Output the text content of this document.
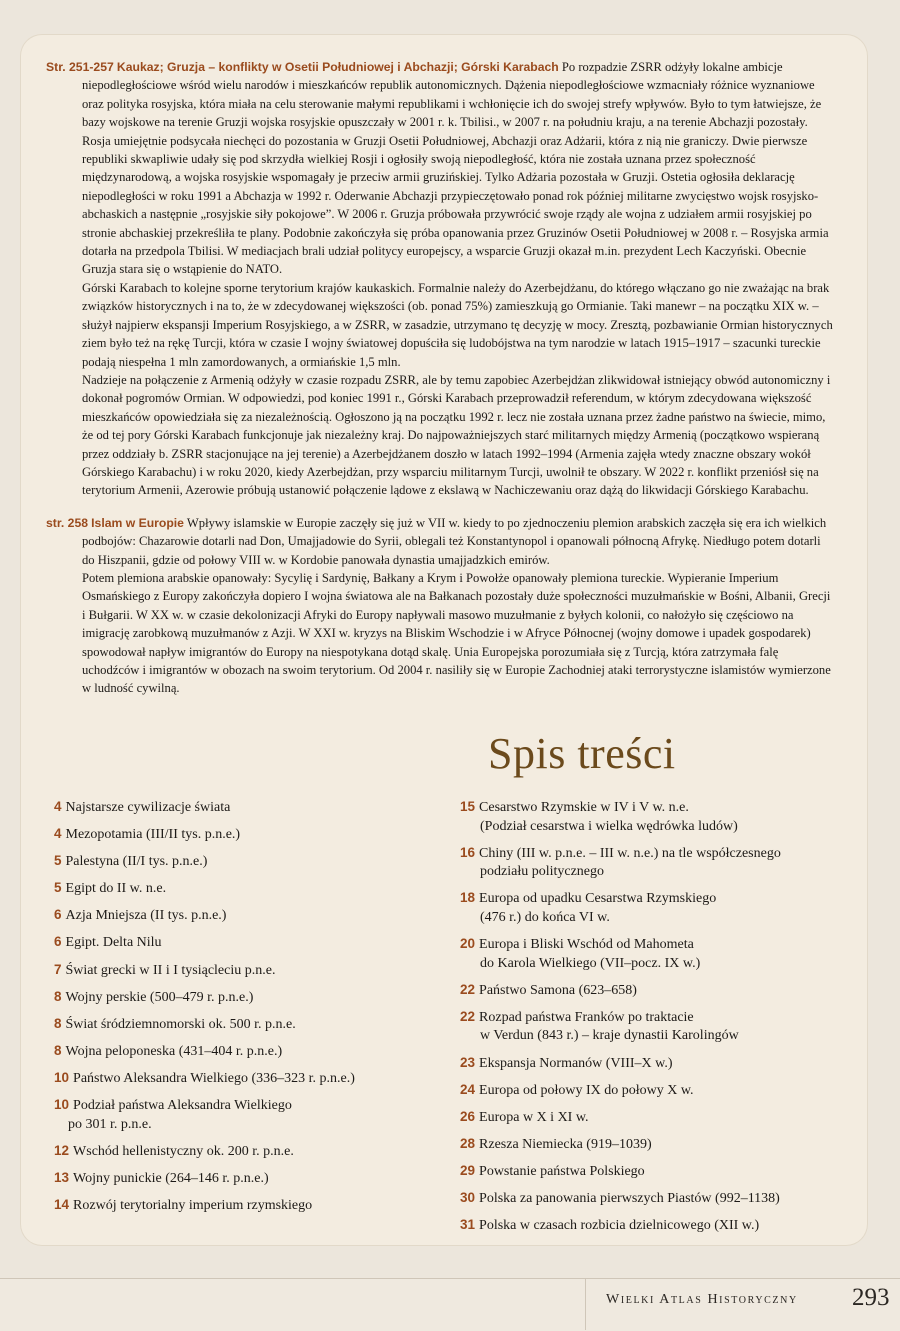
Str. 251-257 Kaukaz; Gruzja – konflikty w Osetii Południowej i Abchazji; Górski Karabach Po rozpadzie ZSRR odżyły lokalne ambicje niepodległościowe wśród wielu narodów i mieszkańców republik autonomicznych. Dążenia niepodległościowe wzmacniały różnice wyznaniowe oraz polityka rosyjska, która miała na celu sterowanie małymi republikami i wchłonięcie ich do swojej strefy wpływów. Było to tym łatwiejsze, że bazy wojskowe na terenie Gruzji wojska rosyjskie opuszczały w 2001 r. k. Tbilisi., w 2007 r. na południu kraju, a na terenie Abchazji pozostały.
Rosja umiejętnie podsycała niechęci do pozostania w Gruzji Osetii Południowej, Abchazji oraz Adżarii, która z nią nie graniczy. Dwie pierwsze republiki skwapliwie udały się pod skrzydła wielkiej Rosji i ogłosiły swoją niepodległość, która nie została uznana przez społeczność międzynarodową, a wojska rosyjskie wspomagały je przeciw armii gruzińskiej. Tylko Adżaria pozostała w Gruzji. Ostetia ogłosiła deklarację niepodległości w roku 1991 a Abchazja w 1992 r. Oderwanie Abchazji przypieczętowało ponad rok później militarne zwycięstwo wojsk rosyjsko-abchaskich a następnie „rosyjskie siły pokojowe”. W 2006 r. Gruzja próbowała przywrócić swoje rządy ale wojna z udziałem armii rosyjskiej po stronie abchaskiej przekreśliła te plany. Podobnie zakończyła się próba opanowania przez Gruzinów Osetii Południowej w 2008 r. – Rosyjska armia dotarła na przedpola Tbilisi. W mediacjach brali udział politycy europejscy, a wsparcie Gruzji okazał m.in. prezydent Lech Kaczyński. Obecnie Gruzja stara się o wstąpienie do NATO.
Górski Karabach to kolejne sporne terytorium krajów kaukaskich. Formalnie należy do Azerbejdżanu, do którego włączano go nie zważając na brak związków historycznych i na to, że w zdecydowanej większości (ob. ponad 75%) zamieszkują go Ormianie. Taki manewr – na początku XIX w. – służył najpierw ekspansji Imperium Rosyjskiego, a w ZSRR, w zasadzie, utrzymano tę decyzję w mocy. Zresztą, pozbawianie Ormian historycznych ziem było też na rękę Turcji, która w czasie I wojny światowej dopuściła się ludobójstwa na tym narodzie w latach 1915–1917 – szacunki tureckie podają niespełna 1 mln zamordowanych, a ormiańskie 1,5 mln.
Nadzieje na połączenie z Armenią odżyły w czasie rozpadu ZSRR, ale by temu zapobiec Azerbejdżan zlikwidował istniejący obwód autonomiczny i dokonał pogromów Ormian. W odpowiedzi, pod koniec 1991 r., Górski Karabach przeprowadził referendum, w którym zdecydowana większość mieszkańców opowiedziała się za niezależnością. Ogłoszono ją na początku 1992 r. lecz nie została uznana przez żadne państwo na świecie, mimo, że od tej pory Górski Karabach funkcjonuje jak niezależny kraj. Do najpoważniejszych starć militarnych między Armenią (początkowo wspieraną przez oddziały b. ZSRR stacjonujące na jej terenie) a Azerbejdżanem doszło w latach 1992–1994 (Armenia zajęła wtedy znaczne obszary wokół Górskiego Karabachu) i w roku 2020, kiedy Azerbejdżan, przy wsparciu militarnym Turcji, uwolnił te obszary. W 2022 r. konflikt przeniósł się na terytorium Armenii, Azerowie próbują ustanowić połączenie lądowe z ekslawą w Nachiczewaniu oraz dążą do likwidacji Górskiego Karabachu.

str. 258 Islam w Europie Wpływy islamskie w Europie zaczęły się już w VII w. kiedy to po zjednoczeniu plemion arabskich zaczęła się era ich wielkich podbojów: Chazarowie dotarli nad Don, Umajjadowie do Syrii, oblegali też Konstantynopol i opanowali północną Afrykę. Niedługo potem dotarli do Hiszpanii, gdzie od połowy VIII w. w Kordobie panowała dynastia umajjadzkich emirów.
Potem plemiona arabskie opanowały: Sycylię i Sardynię, Bałkany a Krym i Powołże opanowały plemiona tureckie. Wypieranie Imperium Osmańskiego z Europy zakończyła dopiero I wojna światowa ale na Bałkanach pozostały duże społeczności muzułmańskie w Bośni, Albanii, Grecji i Bułgarii. W XX w. w czasie dekolonizacji Afryki do Europy napływali masowo muzułmanie z byłych kolonii, co nałożyło się częściowo na imigrację zarobkową muzułmanów z Azji. W XXI w. kryzys na Bliskim Wschodzie i w Afryce Północnej (wojny domowe i upadek gospodarek) spowodował napływ imigrantów do Europy na niespotykana dotąd skalę. Unia Europejska porozumiała się z Turcją, która zatrzymała falę uchodźców i imigrantów w obozach na swoim terytorium. Od 2004 r. nasiliły się w Europie Zachodniej ataki terrorystyczne islamistów wymierzone w ludność cywilną.

Spis treści
4 Najstarsze cywilizacje świata
4 Mezopotamia (III/II tys. p.n.e.)
5 Palestyna (II/I tys. p.n.e.)
5 Egipt do II w. n.e.
6 Azja Mniejsza (II tys. p.n.e.)
6 Egipt. Delta Nilu
7 Świat grecki w II i I tysiącleciu p.n.e.
8 Wojny perskie (500–479 r. p.n.e.)
8 Świat śródziemnomorski ok. 500 r. p.n.e.
8 Wojna peloponeska (431–404 r. p.n.e.)
10 Państwo Aleksandra Wielkiego (336–323 r. p.n.e.)
10 Podział państwa Aleksandra Wielkiego
po 301 r. p.n.e.
12 Wschód hellenistyczny ok. 200 r. p.n.e.
13 Wojny punickie (264–146 r. p.n.e.)
14 Rozwój terytorialny imperium rzymskiego
15 Cesarstwo Rzymskie w IV i V w. n.e.
(Podział cesarstwa i wielka wędrówka ludów)
16 Chiny (III w. p.n.e. – III w. n.e.) na tle współczesnego
podziału politycznego
18 Europa od upadku Cesarstwa Rzymskiego
(476 r.) do końca VI w.
20 Europa i Bliski Wschód od Mahometa
do Karola Wielkiego (VII–pocz. IX w.)
22 Państwo Samona (623–658)
22 Rozpad państwa Franków po traktacie
w Verdun (843 r.) – kraje dynastii Karolingów
23 Ekspansja Normanów (VIII–X w.)
24 Europa od połowy IX do połowy X w.
26 Europa w X i XI w.
28 Rzesza Niemiecka (919–1039)
29 Powstanie państwa Polskiego
30 Polska za panowania pierwszych Piastów (992–1138)
31 Polska w czasach rozbicia dzielnicowego (XII w.)
Wielki Atlas Historyczny 293
